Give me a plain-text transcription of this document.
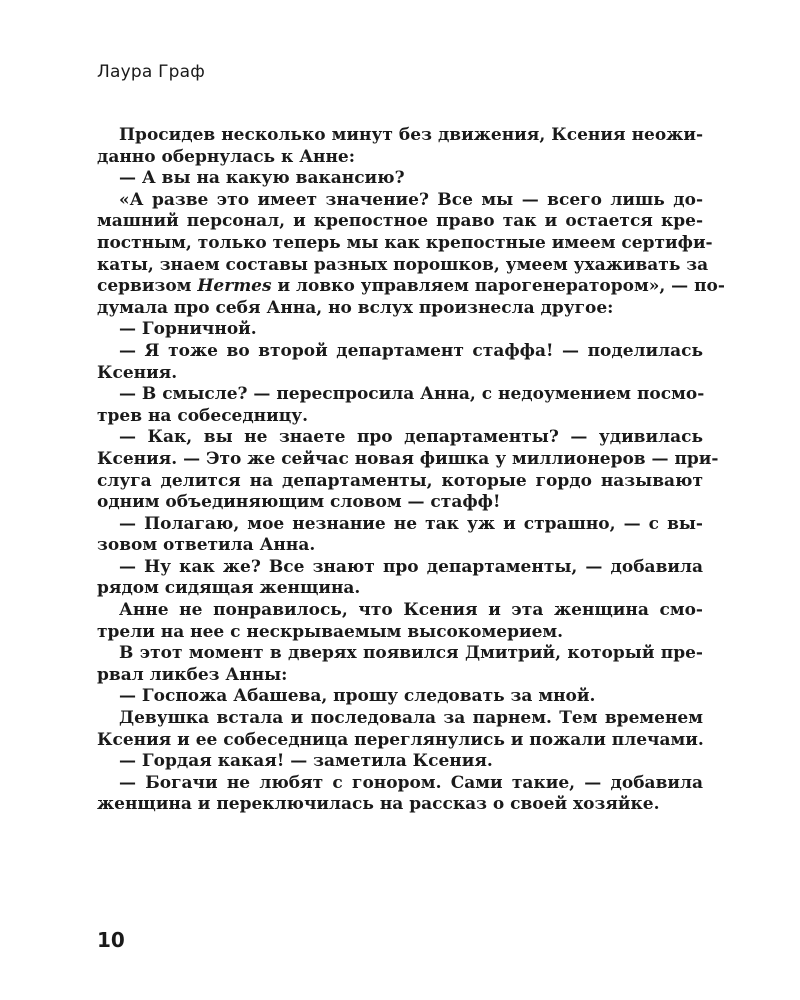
Лаура Граф
Просидев несколько минут без движения, Ксения неожи-
данно обернулась к Анне:
— А вы на какую вакансию?
«А разве это имеет значение? Все мы — всего лишь до-
машний персонал, и крепостное право так и остается кре-
постным, только теперь мы как крепостные имеем сертифи-
каты, знаем составы разных порошков, умеем ухаживать за
сервизом Hermes и ловко управляем парогенератором», — по-
думала про себя Анна, но вслух произнесла другое:
— Горничной.
— Я тоже во второй департамент стаффа! — поделилась
Ксения.
— В смысле? — переспросила Анна, с недоумением посмо-
трев на собеседницу.
— Как, вы не знаете про департаменты? — удивилась
Ксения. — Это же сейчас новая фишка у миллионеров — при-
слуга делится на департаменты, которые гордо называют
одним объединяющим словом — стафф!
— Полагаю, мое незнание не так уж и страшно, — с вы-
зовом ответила Анна.
— Ну как же? Все знают про департаменты, — добавила
рядом сидящая женщина.
Анне не понравилось, что Ксения и эта женщина смо-
трели на нее с нескрываемым высокомерием.
В этот момент в дверях появился Дмитрий, который пре-
рвал ликбез Анны:
— Госпожа Абашева, прошу следовать за мной.
Девушка встала и последовала за парнем. Тем временем
Ксения и ее собеседница переглянулись и пожали плечами.
— Гордая какая! — заметила Ксения.
— Богачи не любят с гонором. Сами такие, — добавила
женщина и переключилась на рассказ о своей хозяйке.
10
